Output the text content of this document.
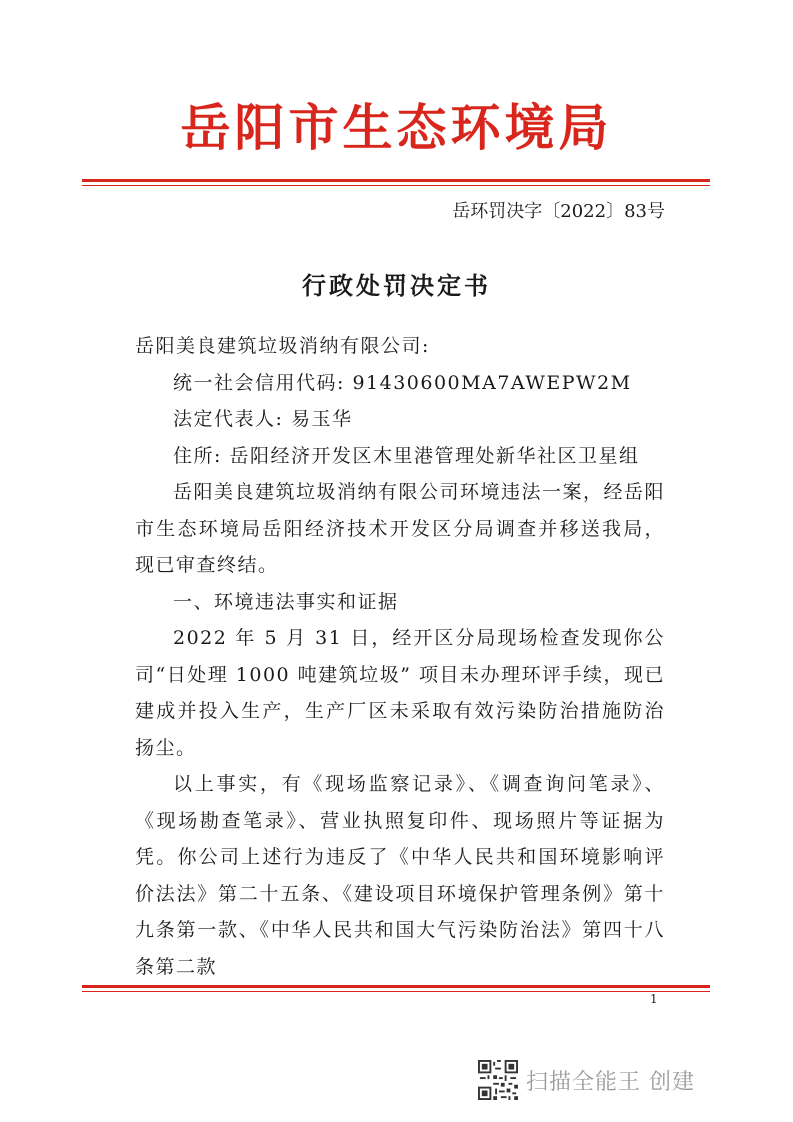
岳阳市生态环境局
岳环罚决字〔2022〕83号
行政处罚决定书

岳阳美良建筑垃圾消纳有限公司:

统一社会信用代码: 91430600MA7AWEPW2M

法定代表人: 易玉华

住所: 岳阳经济开发区木里港管理处新华社区卫星组

岳阳美良建筑垃圾消纳有限公司环境违法一案，经岳阳市生态环境局岳阳经济技术开发区分局调查并移送我局，现已审查终结。

一、环境违法事实和证据

2022 年 5 月 31 日，经开区分局现场检查发现你公司“日处理 1000 吨建筑垃圾” 项目未办理环评手续，现已建成并投入生产，生产厂区未采取有效污染防治措施防治扬尘。

以上事实，有《现场监察记录》、《调查询问笔录》、《现场勘查笔录》、营业执照复印件、现场照片等证据为凭。你公司上述行为违反了《中华人民共和国环境影响评价法法》第二十五条、《建设项目环境保护管理条例》第十九条第一款、《中华人民共和国大气污染防治法》第四十八条第二款

1
扫描全能王 创建
